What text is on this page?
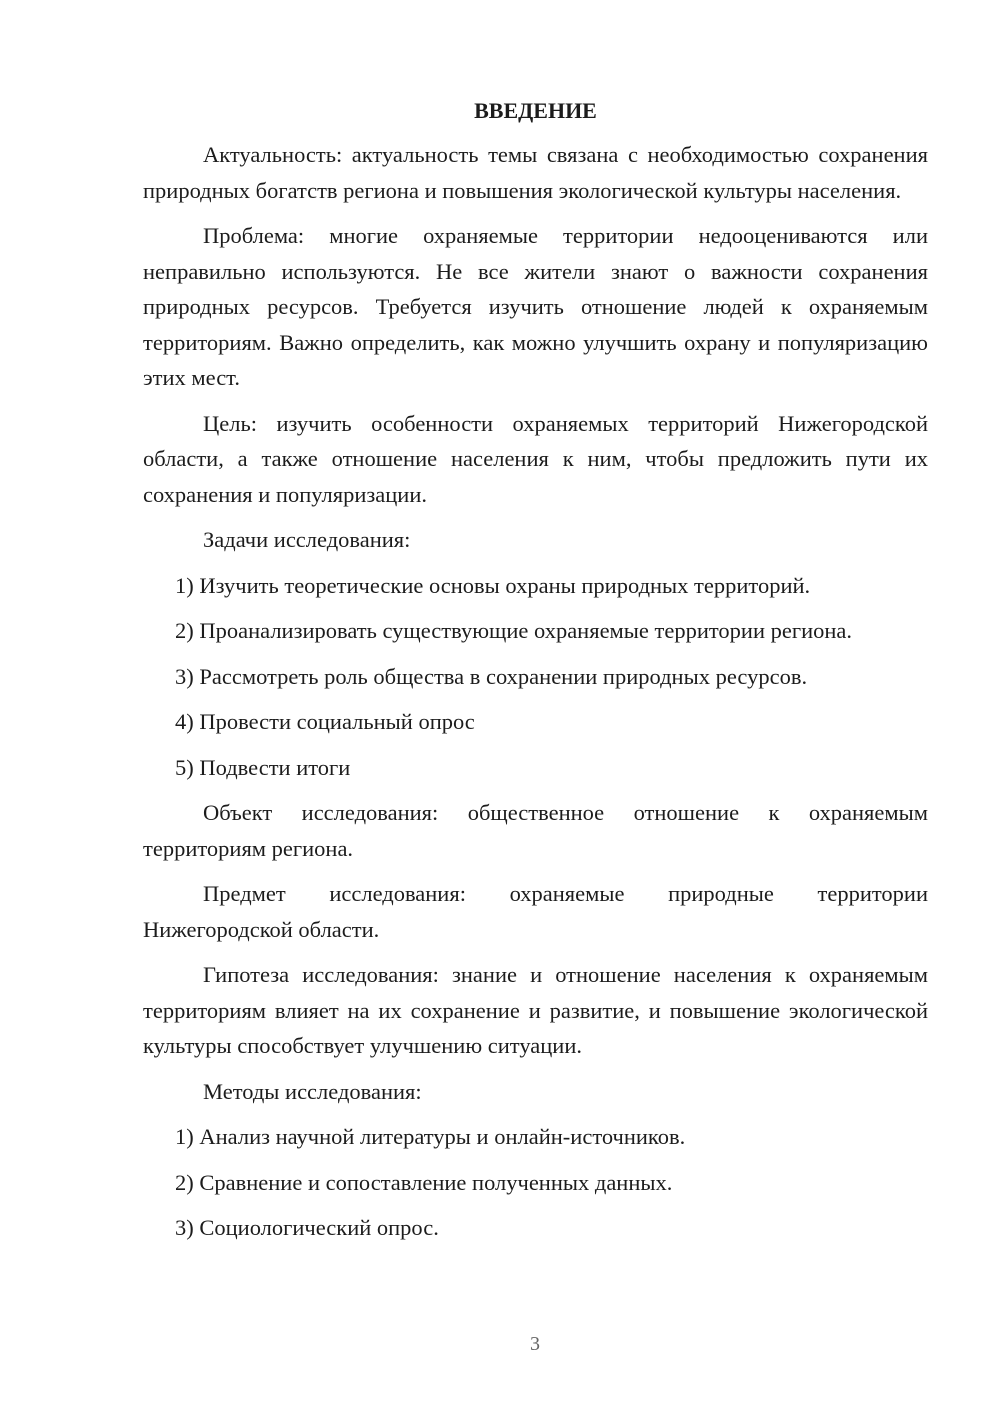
ВВЕДЕНИЕ

Актуальность: актуальность темы связана с необходимостью сохранения природных богатств региона и повышения экологической культуры населения.

Проблема: многие охраняемые территории недооцениваются или неправильно используются. Не все жители знают о важности сохранения природных ресурсов. Требуется изучить отношение людей к охраняемым территориям. Важно определить, как можно улучшить охрану и популяризацию этих мест.

Цель: изучить особенности охраняемых территорий Нижегородской области, а также отношение населения к ним, чтобы предложить пути их сохранения и популяризации.

Задачи исследования:

1) Изучить теоретические основы охраны природных территорий.

2) Проанализировать существующие охраняемые территории региона.

3) Рассмотреть роль общества в сохранении природных ресурсов.

4) Провести социальный опрос

5) Подвести итоги

Объект исследования: общественное отношение к охраняемым территориям региона.

Предмет исследования: охраняемые природные территории Нижегородской области.

Гипотеза исследования: знание и отношение населения к охраняемым территориям влияет на их сохранение и развитие, и повышение экологической культуры способствует улучшению ситуации.

Методы исследования:

1) Анализ научной литературы и онлайн-источников.

2) Сравнение и сопоставление полученных данных.

3) Социологический опрос.

3
